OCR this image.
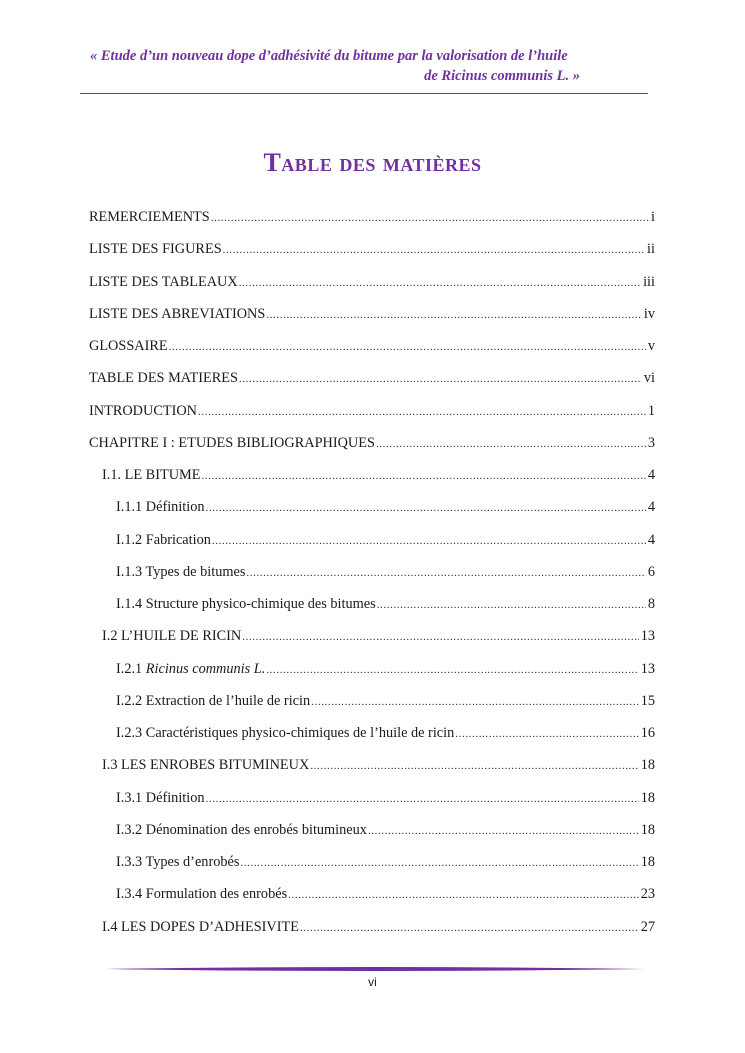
« Etude d’un nouveau dope d’adhésivité du bitume par la valorisation de l’huile
de Ricinus communis L. »
Table des matières
REMERCIEMENTS .....	i
LISTE DES FIGURES .....	ii
LISTE DES TABLEAUX .....	iii
LISTE DES ABREVIATIONS .....	iv
GLOSSAIRE .....	v
TABLE DES MATIERES .....	vi
INTRODUCTION .....	1
CHAPITRE I : ETUDES BIBLIOGRAPHIQUES .....	3
I.1. LE BITUME .....	4
I.1.1 Définition .....	4
I.1.2 Fabrication .....	4
I.1.3 Types de bitumes .....	6
I.1.4 Structure physico-chimique des bitumes .....	8
I.2 L’HUILE DE RICIN .....	13
I.2.1 Ricinus communis L. .....	13
I.2.2 Extraction de l’huile de ricin .....	15
I.2.3 Caractéristiques physico-chimiques de l’huile de ricin .....	16
I.3 LES ENROBES BITUMINEUX .....	18
I.3.1 Définition .....	18
I.3.2 Dénomination des enrobés bitumineux .....	18
I.3.3 Types d’enrobés .....	18
I.3.4 Formulation des enrobés .....	23
I.4 LES DOPES D’ADHESIVITE .....	27
vi
